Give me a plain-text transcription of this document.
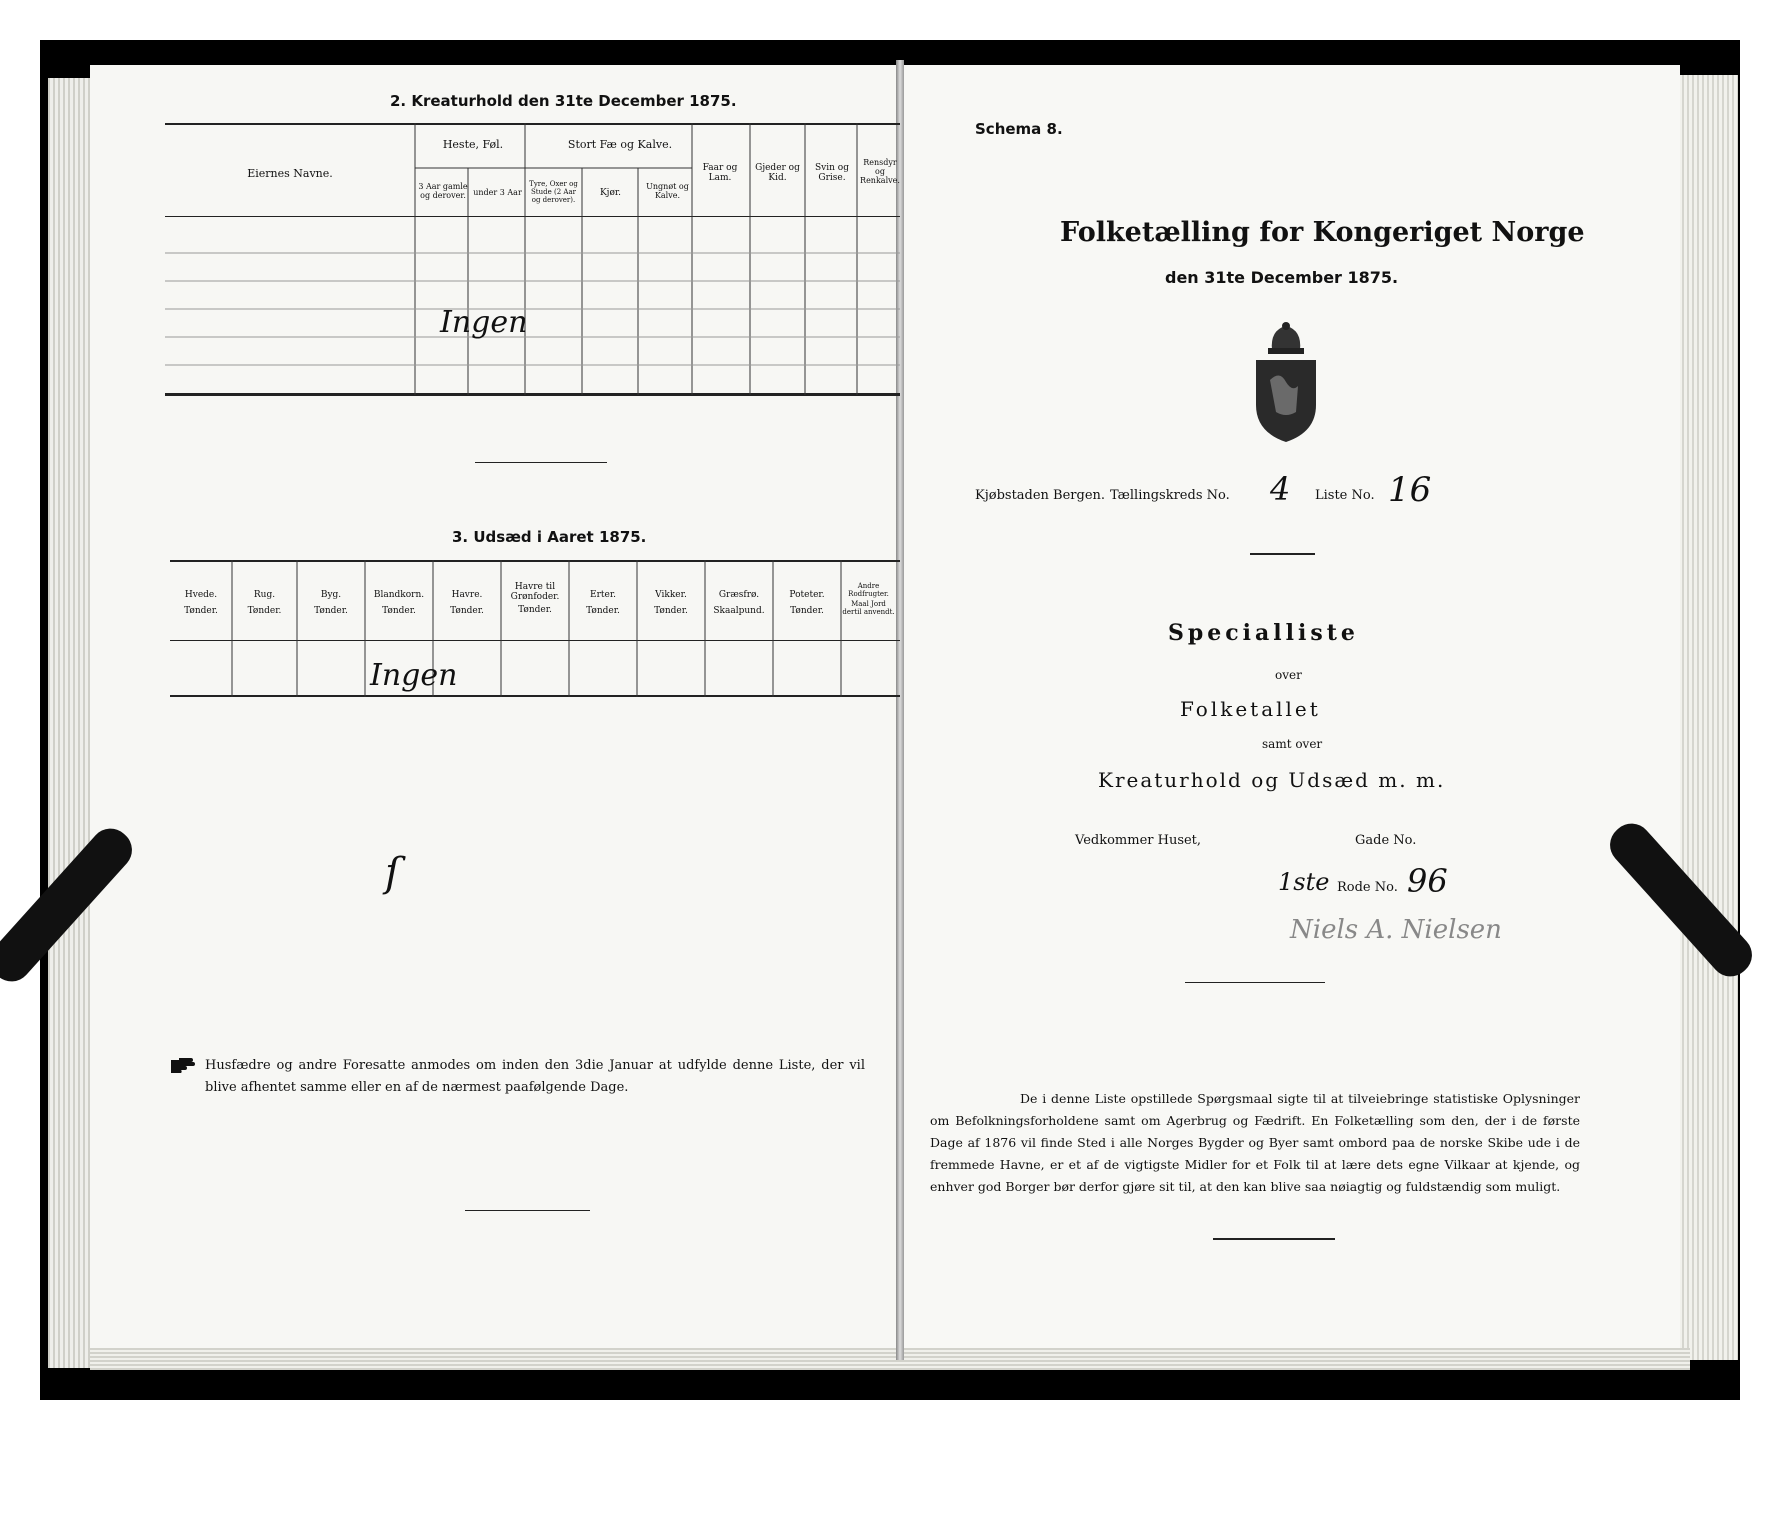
2. Kreaturhold den 31te December 1875.
Eiernes Navne.
Heste, Føl.	Stort Fæ og Kalve.
Faar og Lam.
Gjeder og Kid.
Svin og Grise.
Rensdyr og Renkalve.
3 Aar gamle og derover. under 3 Aar
Tyre, Oxer og Stude (2 Aar og derover).
Kjør.
Ungnøt og Kalve.
Ingen
3. Udsæd i Aaret 1875.
Hvede.
Tønder.
Rug.
Tønder.
Byg.
Tønder.
Blandkorn.
Tønder.
Havre.
Tønder.
Havre til Grønfoder.
Tønder.
Erter.
Tønder.
Vikker.
Tønder.
Græsfrø.
Skaalpund.
Poteter.
Tønder.
Andre Rodfrugter.
Maal Jord dertil anvendt.
Ingen
ſ
Husfædre og andre Foresatte anmodes om inden den 3die Januar at udfylde denne Liste, der vil blive afhentet samme eller en af de nærmest paafølgende Dage.
Schema 8.
Folketælling for Kongeriget Norge
den 31te December 1875.
Kjøbstaden Bergen. Tællingskreds No. 4 Liste No. 16
Specialliste
over
Folketallet
samt over
Kreaturhold og Udsæd m. m.
Vedkommer Huset,	Gade No.
1ste Rode No. 96
Niels A. Nielsen
De i denne Liste opstillede Spørgsmaal sigte til at tilveiebringe statistiske Oplysninger om Befolkningsforholdene samt om Agerbrug og Fædrift. En Folketælling som den, der i de første Dage af 1876 vil finde Sted i alle Norges Bygder og Byer samt ombord paa de norske Skibe ude i de fremmede Havne, er et af de vigtigste Midler for et Folk til at lære dets egne Vilkaar at kjende, og enhver god Borger bør derfor gjøre sit til, at den kan blive saa nøiagtig og fuldstændig som muligt.
